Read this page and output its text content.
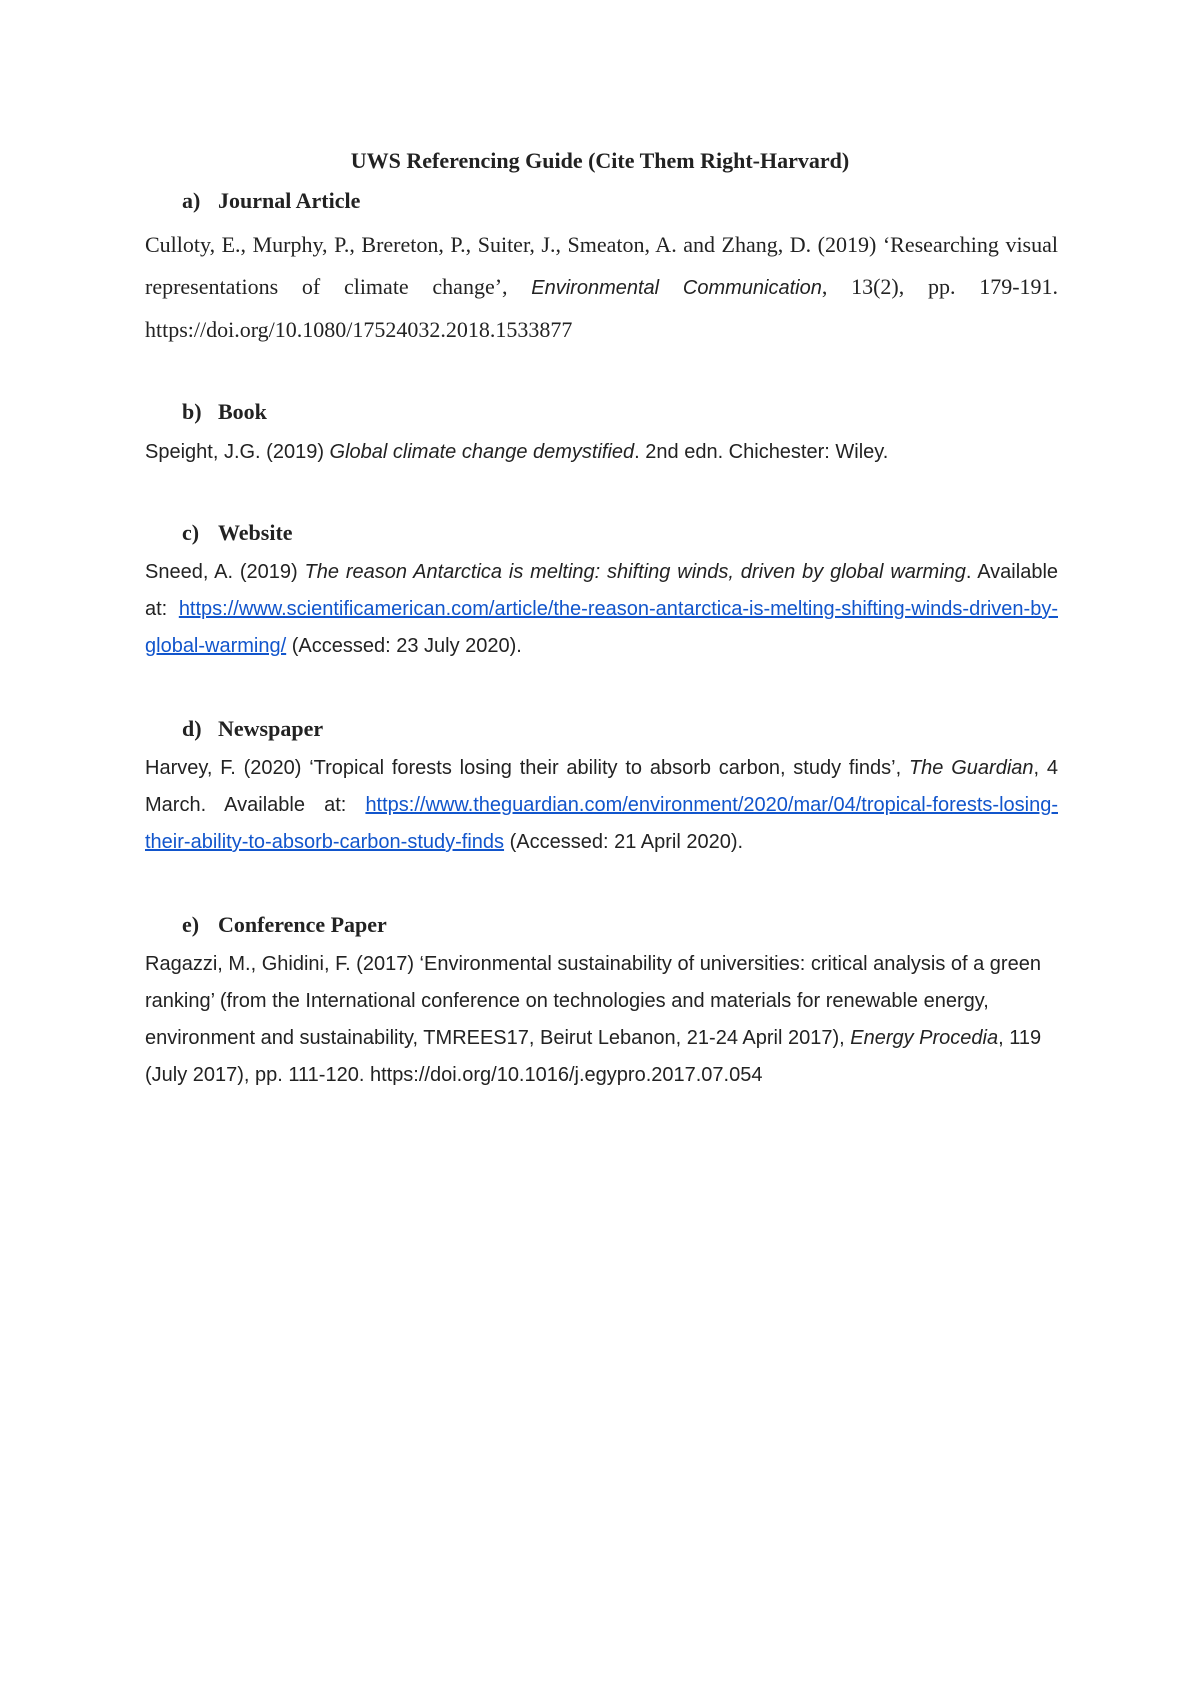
UWS Referencing Guide (Cite Them Right-Harvard)
a) Journal Article

Culloty, E., Murphy, P., Brereton, P., Suiter, J., Smeaton, A. and Zhang, D. (2019) ‘Researching visual representations of climate change’, Environmental Communication, 13(2), pp. 179-191. https://doi.org/10.1080/17524032.2018.1533877

b) Book

Speight, J.G. (2019) Global climate change demystified. 2nd edn. Chichester: Wiley.

c) Website

Sneed, A. (2019) The reason Antarctica is melting: shifting winds, driven by global warming. Available at: https://www.scientificamerican.com/article/the-reason-antarctica-is-melting-shifting-winds-driven-by-global-warming/ (Accessed: 23 July 2020).

d) Newspaper

Harvey, F. (2020) ‘Tropical forests losing their ability to absorb carbon, study finds’, The Guardian, 4 March. Available at: https://www.theguardian.com/environment/2020/mar/04/tropical-forests-losing-their-ability-to-absorb-carbon-study-finds (Accessed: 21 April 2020).

e) Conference Paper

Ragazzi, M., Ghidini, F. (2017) ‘Environmental sustainability of universities: critical analysis of a green ranking’ (from the International conference on technologies and materials for renewable energy, environment and sustainability, TMREES17, Beirut Lebanon, 21-24 April 2017), Energy Procedia, 119 (July 2017), pp. 111-120. https://doi.org/10.1016/j.egypro.2017.07.054
